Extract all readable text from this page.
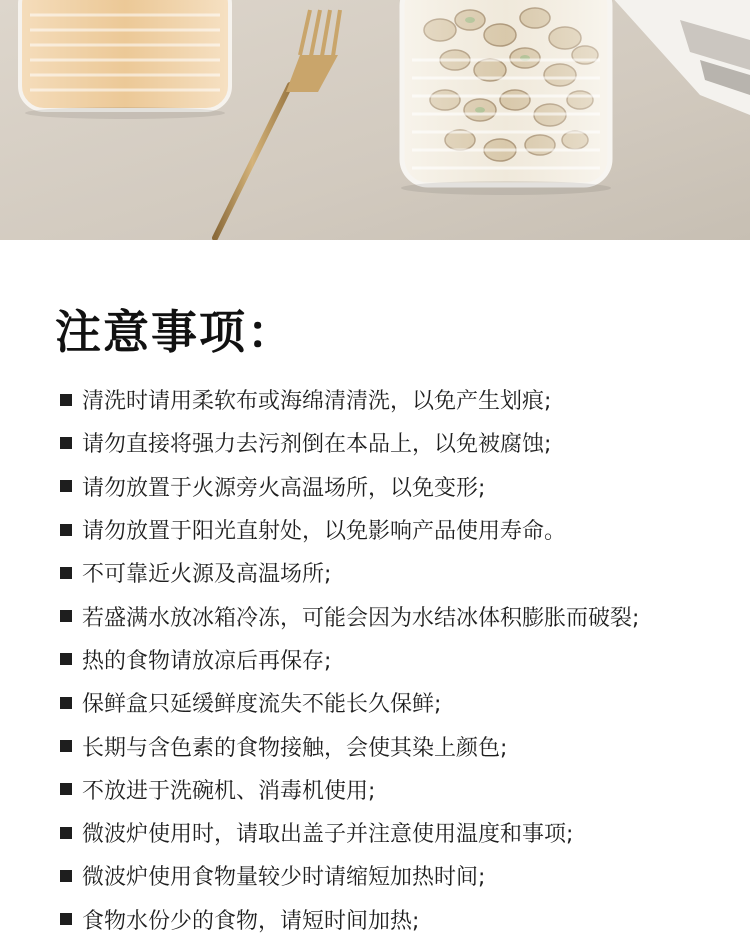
注意事项：
清洗时请用柔软布或海绵清清洗，以免产生划痕;
请勿直接将强力去污剂倒在本品上，以免被腐蚀;
请勿放置于火源旁火高温场所，以免变形;
请勿放置于阳光直射处，以免影响产品使用寿命。
不可靠近火源及高温场所;
若盛满水放冰箱冷冻，可能会因为水结冰体积膨胀而破裂;
热的食物请放凉后再保存;
保鲜盒只延缓鲜度流失不能长久保鲜;
长期与含色素的食物接触，会使其染上颜色;
不放进于洗碗机、消毒机使用;
微波炉使用时，请取出盖子并注意使用温度和事项;
微波炉使用食物量较少时请缩短加热时间;
食物水份少的食物，请短时间加热;
